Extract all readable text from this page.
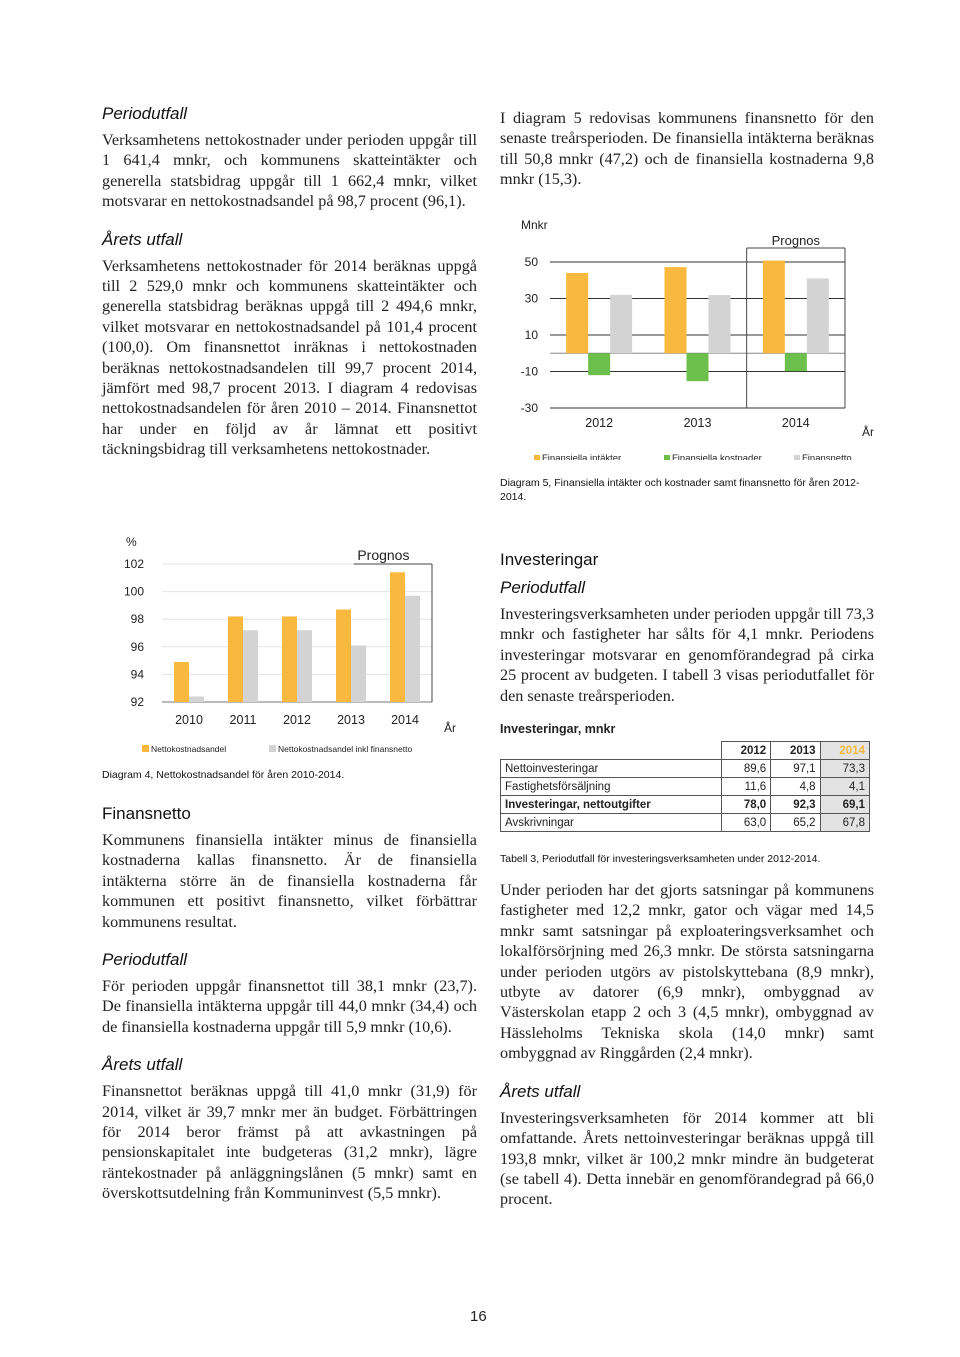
Periodutfall

Verksamhetens nettokostnader under perioden uppgår till 1 641,4 mnkr, och kommunens skatteintäkter och generella statsbidrag uppgår till 1 662,4 mnkr, vilket motsvarar en nettokostnadsandel på 98,7 procent (96,1).

Årets utfall

Verksamhetens nettokostnader för 2014 beräknas uppgå till 2 529,0 mnkr och kommunens skatteintäkter och generella statsbidrag beräknas uppgå till 2 494,6 mnkr, vilket motsvarar en nettokostnadsandel på 101,4 procent (100,0). Om finansnettot inräknas i nettokostnaden beräknas nettokostnadsandelen till 99,7 procent 2014, jämfört med 98,7 procent 2013. I diagram 4 redovisas nettokostnadsandelen för åren 2010 – 2014. Finansnettot har under en följd av år lämnat ett positivt täckningsbidrag till verksamhetens nettokostnader.

I diagram 5 redovisas kommunens finansnetto för den senaste treårsperioden. De finansiella intäkterna beräknas till 50,8 mnkr (47,2) och de finansiella kostnaderna 9,8 mnkr (15,3).

Mnkr
50
30
10
-10
-30
2012	2013	2014
Prognos
År
Finansiella intäkter	Finansiella kostnader	Finansnetto
Diagram 5, Finansiella intäkter och kostnader samt finansnetto för åren 2012-2014.
%
102
100
98
96
94
92
2010 2011 2012 2013 2014
Prognos
År
Nettokostnadsandel	Nettokostnadsandel inkl finansnetto
Diagram 4, Nettokostnadsandel för åren 2010-2014.
Finansnetto

Kommunens finansiella intäkter minus de finansiella kostnaderna kallas finansnetto. Är de finansiella intäkterna större än de finansiella kostnaderna får kommunen ett positivt finansnetto, vilket förbättrar kommunens resultat.

Periodutfall

För perioden uppgår finansnettot till 38,1 mnkr (23,7). De finansiella intäkterna uppgår till 44,0 mnkr (34,4) och de finansiella kostnaderna uppgår till 5,9 mnkr (10,6).

Årets utfall

Finansnettot beräknas uppgå till 41,0 mnkr (31,9) för 2014, vilket är 39,7 mnkr mer än budget. Förbättringen för 2014 beror främst på att avkastningen på pensionskapitalet inte budgeteras (31,2 mnkr), lägre räntekostnader på anläggningslånen (5 mnkr) samt en överskottsutdelning från Kommuninvest (5,5 mnkr).

Investeringar
Periodutfall

Investeringsverksamheten under perioden uppgår till 73,3 mnkr och fastigheter har sålts för 4,1 mnkr. Periodens investeringar motsvarar en genomförandegrad på cirka 25 procent av budgeten. I tabell 3 visas periodutfallet för den senaste treårsperioden.

Investeringar, mnkr
	2012	2013	2014
Nettoinvesteringar	89,6	97,1	73,3
Fastighetsförsäljning	11,6	4,8	4,1
Investeringar, nettoutgifter	78,0	92,3	69,1
Avskrivningar	63,0	65,2	67,8
Tabell 3, Periodutfall för investeringsverksamheten under 2012-2014.

Under perioden har det gjorts satsningar på kommunens fastigheter med 12,2 mnkr, gator och vägar med 14,5 mnkr samt satsningar på exploateringsverksamhet och lokalförsörjning med 26,3 mnkr. De största satsningarna under perioden utgörs av pistolskyttebana (8,9 mnkr), utbyte av datorer (6,9 mnkr), ombyggnad av Västerskolan etapp 2 och 3 (4,5 mnkr), ombyggnad av Hässleholms Tekniska skola (14,0 mnkr) samt ombyggnad av Ringgården (2,4 mnkr).

Årets utfall

Investeringsverksamheten för 2014 kommer att bli omfattande. Årets nettoinvesteringar beräknas uppgå till 193,8 mnkr, vilket är 100,2 mnkr mindre än budgeterat (se tabell 4). Detta innebär en genomförandegrad på 66,0 procent.

16
